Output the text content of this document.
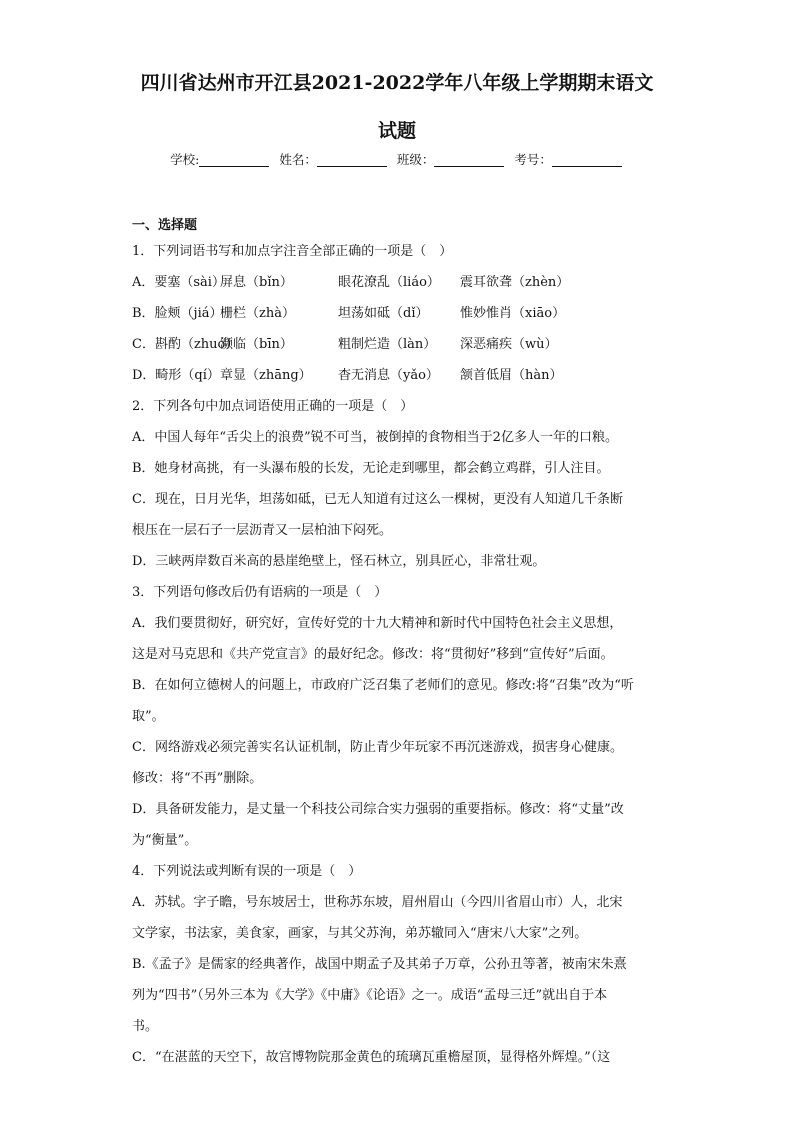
四川省达州市开江县2021-2022学年八年级上学期期末语文
试题
学校:	姓名：	班级：	考号：
一、选择题

1．下列词语书写和加点字注音全部正确的一项是（　）

A．要塞（sài）屏息（bǐn）	眼花潦乱（liáo） 震耳欲聋（zhèn）
B．脸颊（jiá）栅栏（zhà）	坦荡如砥（dǐ） 惟妙惟肖（xiāo）
C．斟酌（zhuó）濒临（bīn）	粗制烂造（làn） 深恶痛疾（wù）
D．畸形（qí）章显（zhāng） 杳无消息（yǎo） 颔首低眉（hàn）

2．下列各句中加点词语使用正确的一项是（　）

A．中国人每年“舌尖上的浪费”锐不可当，被倒掉的食物相当于2亿多人一年的口粮。

B．她身材高挑，有一头瀑布般的长发，无论走到哪里，都会鹤立鸡群，引人注目。

C．现在，日月光华，坦荡如砥，已无人知道有过这么一棵树，更没有人知道几千条断

根压在一层石子一层沥青又一层柏油下闷死。

D．三峡两岸数百米高的悬崖绝壁上，怪石林立，别具匠心，非常壮观。

3．下列语句修改后仍有语病的一项是（　）

A．我们要贯彻好，研究好，宣传好党的十九大精神和新时代中国特色社会主义思想，

这是对马克思和《共产党宣言》的最好纪念。修改：将“贯彻好”移到“宣传好”后面。

B．在如何立德树人的问题上，市政府广泛召集了老师们的意见。修改:将“召集”改为“听

取”。

C．网络游戏必须完善实名认证机制，防止青少年玩家不再沉迷游戏，损害身心健康。

修改：将“不再”删除。

D．具备研发能力，是丈量一个科技公司综合实力强弱的重要指标。修改：将“丈量”改

为“衡量”。

4．下列说法或判断有误的一项是（　）

A．苏轼。字子瞻，号东坡居士，世称苏东坡，眉州眉山（今四川省眉山市）人，北宋

文学家，书法家，美食家，画家，与其父苏洵，弟苏辙同入“唐宋八大家”之列。

B.《孟子》是儒家的经典著作，战国中期孟子及其弟子万章，公孙丑等著，被南宋朱熹

列为“四书”（另外三本为《大学》《中庸》《论语》之一。成语“孟母三迁”就出自于本

书。

C．“在湛蓝的天空下，故宫博物院那金黄色的琉璃瓦重檐屋顶，显得格外辉煌。”（这
